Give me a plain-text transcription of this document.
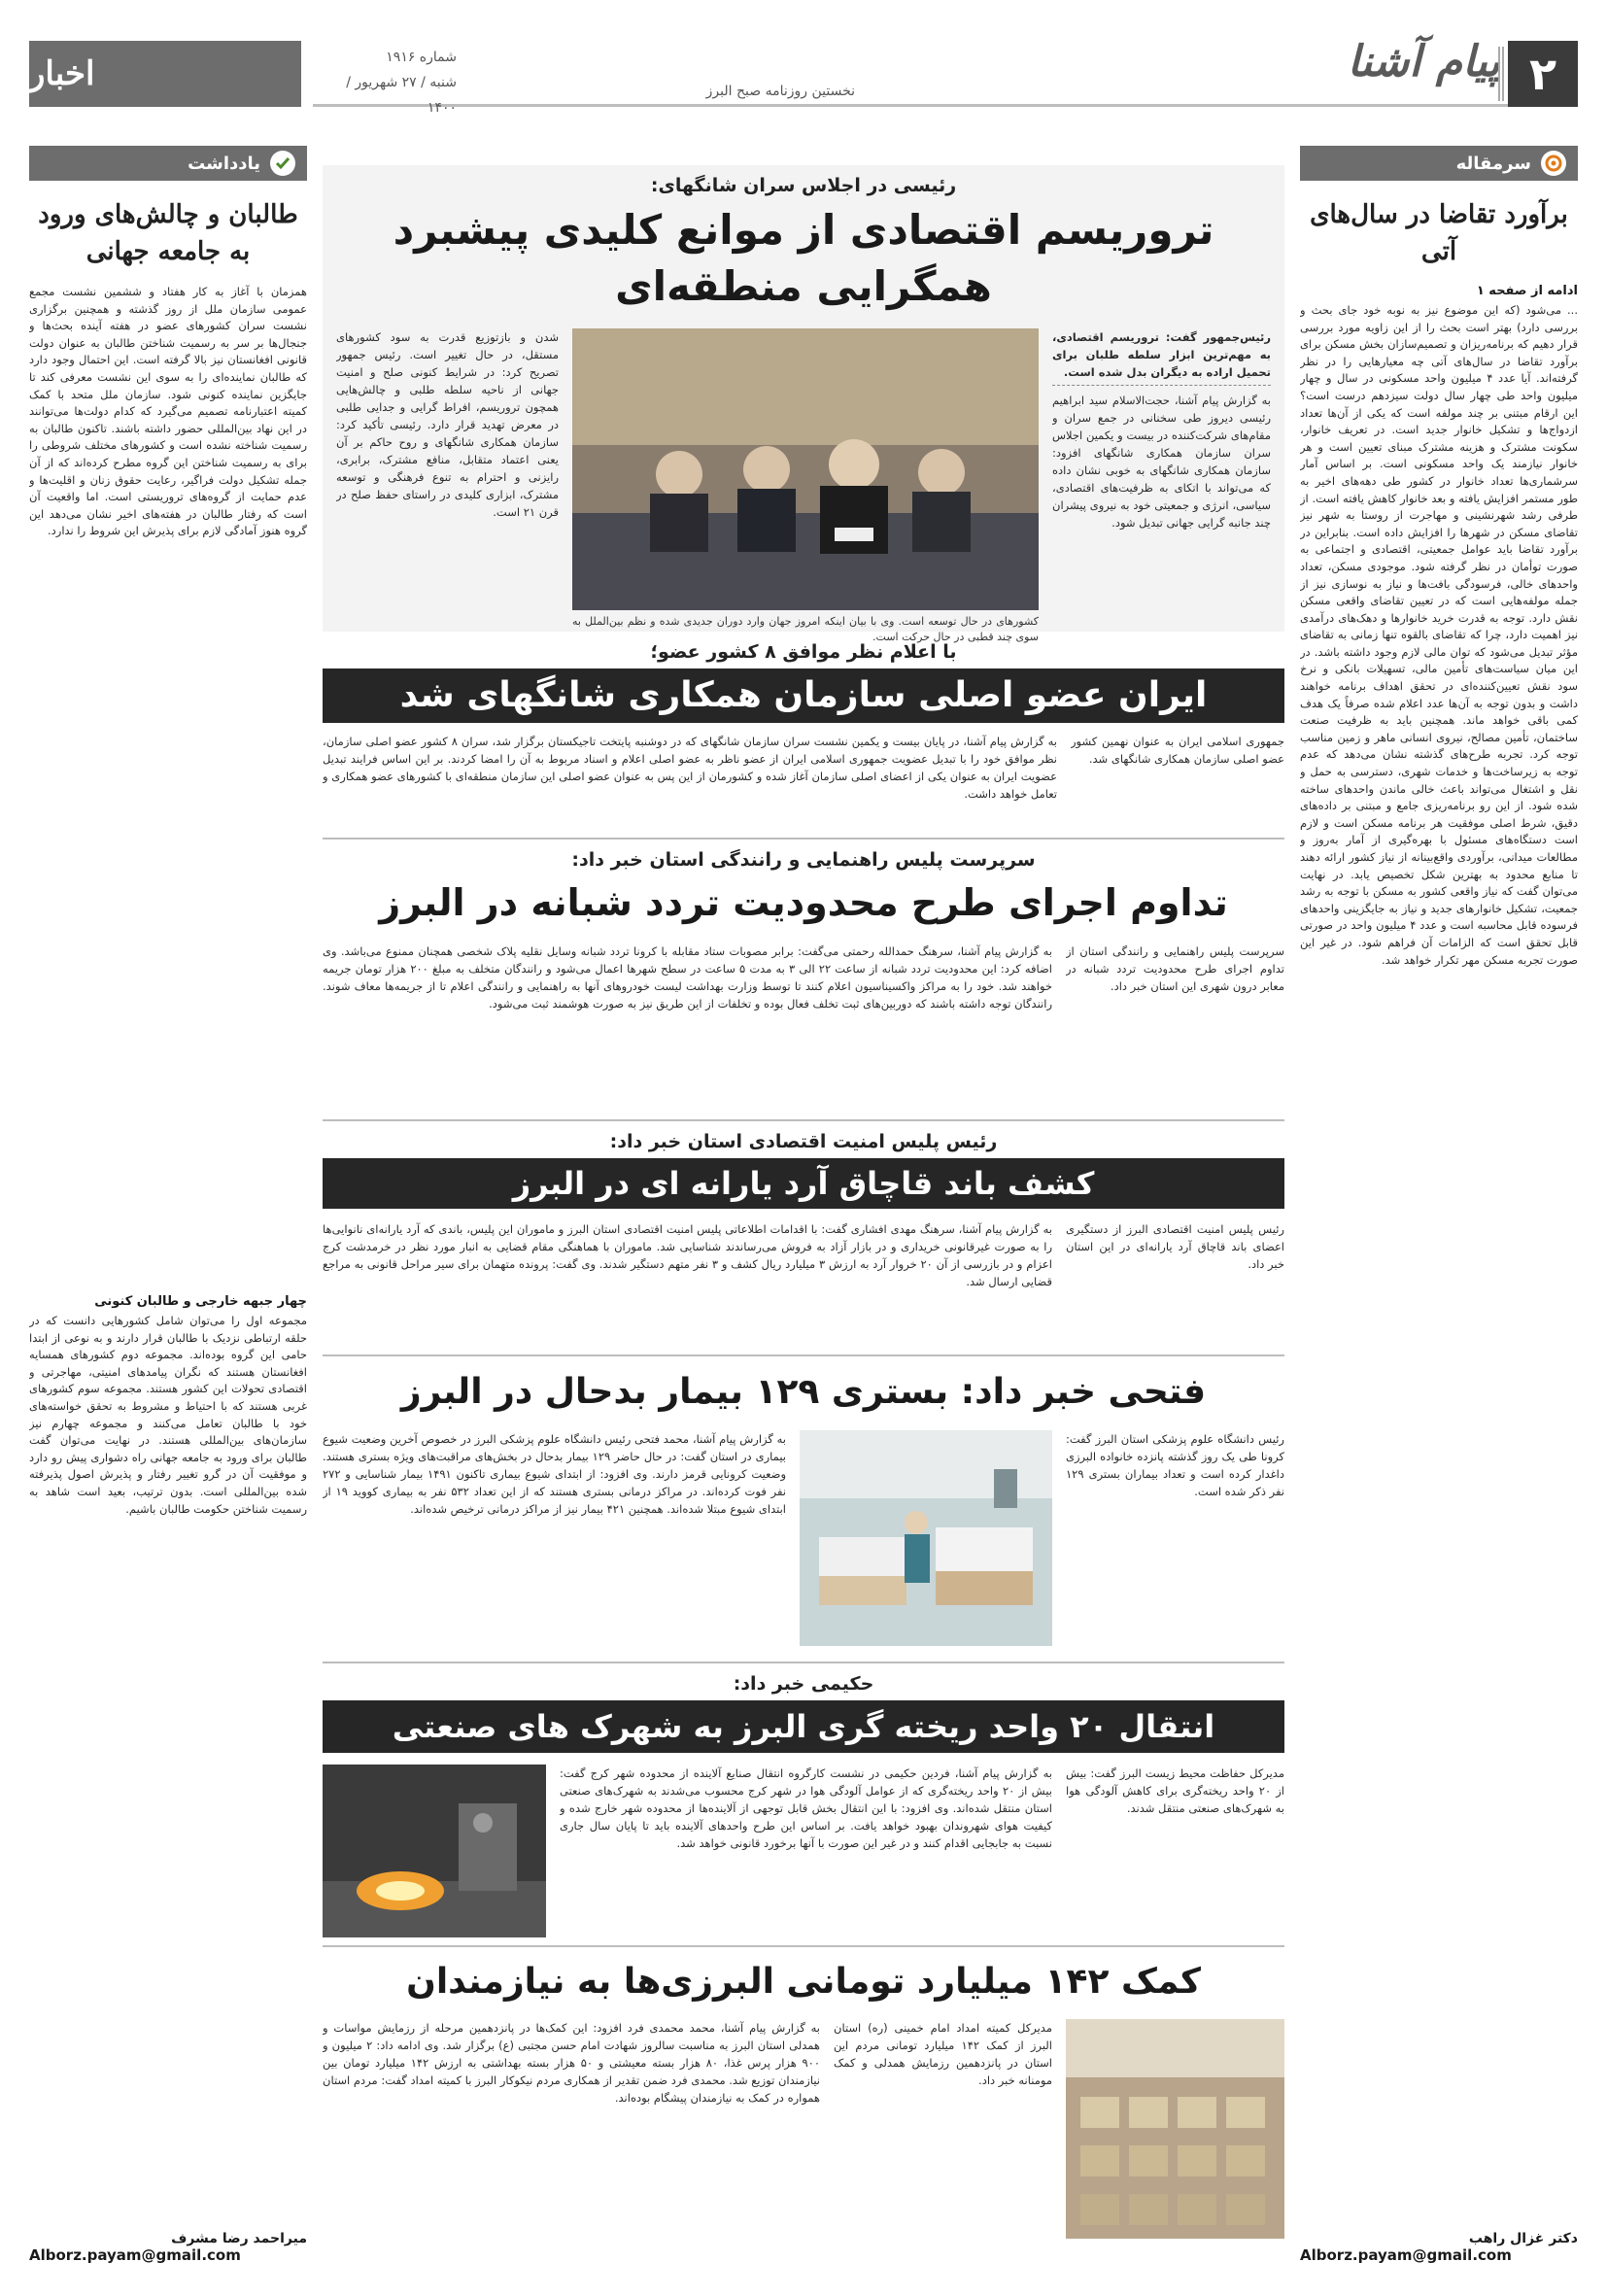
اخبار	شماره ۱۹۱۶
شنبه / ۲۷ شهریور / ۱۴۰۰
نخستین روزنامه صبح البرز
پیام آشنا ۲
سرمقاله
برآورد تقاضا در سال‌های آتی
ادامه از صفحه ۱
... می‌شود (که این موضوع نیز به نوبه خود جای بحث و بررسی دارد) بهتر است بحث را از این زاویه مورد بررسی قرار دهیم که برنامه‌ریزان و تصمیم‌سازان بخش مسکن برای برآورد تقاضا در سال‌های آتی چه معیارهایی را در نظر گرفته‌اند. آیا عدد ۴ میلیون واحد مسکونی در سال و چهار میلیون واحد طی چهار سال دولت سیزدهم درست است؟ این ارقام مبتنی بر چند مولفه است که یکی از آن‌ها تعداد ازدواج‌ها و تشکیل خانوار جدید است. در تعریف خانوار، سکونت مشترک و هزینه مشترک مبنای تعیین است و هر خانوار نیازمند یک واحد مسکونی است. بر اساس آمار سرشماری‌ها تعداد خانوار در کشور طی دهه‌های اخیر به طور مستمر افزایش یافته و بعد خانوار کاهش یافته است. از طرفی رشد شهرنشینی و مهاجرت از روستا به شهر نیز تقاضای مسکن در شهرها را افزایش داده است. بنابراین در برآورد تقاضا باید عوامل جمعیتی، اقتصادی و اجتماعی به صورت توأمان در نظر گرفته شود. موجودی مسکن، تعداد واحدهای خالی، فرسودگی بافت‌ها و نیاز به نوسازی نیز از جمله مولفه‌هایی است که در تعیین تقاضای واقعی مسکن نقش دارد. توجه به قدرت خرید خانوارها و دهک‌های درآمدی نیز اهمیت دارد، چرا که تقاضای بالقوه تنها زمانی به تقاضای مؤثر تبدیل می‌شود که توان مالی لازم وجود داشته باشد. در این میان سیاست‌های تأمین مالی، تسهیلات بانکی و نرخ سود نقش تعیین‌کننده‌ای در تحقق اهداف برنامه خواهند داشت و بدون توجه به آن‌ها عدد اعلام شده صرفاً یک هدف کمی باقی خواهد ماند. همچنین باید به ظرفیت صنعت ساختمان، تأمین مصالح، نیروی انسانی ماهر و زمین مناسب توجه کرد. تجربه طرح‌های گذشته نشان می‌دهد که عدم توجه به زیرساخت‌ها و خدمات شهری، دسترسی به حمل و نقل و اشتغال می‌تواند باعث خالی ماندن واحدهای ساخته شده شود. از این رو برنامه‌ریزی جامع و مبتنی بر داده‌های دقیق، شرط اصلی موفقیت هر برنامه مسکن است و لازم است دستگاه‌های مسئول با بهره‌گیری از آمار به‌روز و مطالعات میدانی، برآوردی واقع‌بینانه از نیاز کشور ارائه دهند تا منابع محدود به بهترین شکل تخصیص یابد. در نهایت می‌توان گفت که نیاز واقعی کشور به مسکن با توجه به رشد جمعیت، تشکیل خانوارهای جدید و نیاز به جایگزینی واحدهای فرسوده قابل محاسبه است و عدد ۴ میلیون واحد در صورتی قابل تحقق است که الزامات آن فراهم شود. در غیر این صورت تجربه مسکن مهر تکرار خواهد شد.
دکتر غزال راهب
Alborz.payam@gmail.com
یادداشت
طالبان و چالش‌های ورود به جامعه جهانی
همزمان با آغاز به کار هفتاد و ششمین نشست مجمع عمومی سازمان ملل از روز گذشته و همچنین برگزاری نشست سران کشورهای عضو در هفته آینده بحث‌ها و جنجال‌ها بر سر به رسمیت شناختن طالبان به عنوان دولت قانونی افغانستان نیز بالا گرفته است. این احتمال وجود دارد که طالبان نماینده‌ای را به سوی این نشست معرفی کند تا جایگزین نماینده کنونی شود. سازمان ملل متحد با کمک کمیته اعتبارنامه تصمیم می‌گیرد که کدام دولت‌ها می‌توانند در این نهاد بین‌المللی حضور داشته باشند. تاکنون طالبان به رسمیت شناخته نشده است و کشورهای مختلف شروطی را برای به رسمیت شناختن این گروه مطرح کرده‌اند که از آن جمله تشکیل دولت فراگیر، رعایت حقوق زنان و اقلیت‌ها و عدم حمایت از گروه‌های تروریستی است. اما واقعیت آن است که رفتار طالبان در هفته‌های اخیر نشان می‌دهد این گروه هنوز آمادگی لازم برای پذیرش این شروط را ندارد.
چهار جبهه خارجی و طالبان کنونی
مجموعه اول را می‌توان شامل کشورهایی دانست که در حلقه ارتباطی نزدیک با طالبان قرار دارند و به نوعی از ابتدا حامی این گروه بوده‌اند. مجموعه دوم کشورهای همسایه افغانستان هستند که نگران پیامدهای امنیتی، مهاجرتی و اقتصادی تحولات این کشور هستند. مجموعه سوم کشورهای غربی هستند که با احتیاط و مشروط به تحقق خواسته‌های خود با طالبان تعامل می‌کنند و مجموعه چهارم نیز سازمان‌های بین‌المللی هستند. در نهایت می‌توان گفت طالبان برای ورود به جامعه جهانی راه دشواری پیش رو دارد و موفقیت آن در گرو تغییر رفتار و پذیرش اصول پذیرفته شده بین‌المللی است. بدون ترتیب، بعید است شاهد به رسمیت شناختن حکومت طالبان باشیم.
میراحمد رضا مشرف
Alborz.payam@gmail.com
رئیسی در اجلاس سران شانگهای:
تروریسم اقتصادی از موانع کلیدی پیشبرد همگرایی منطقه‌ای
رئیس‌جمهور گفت: تروریسم اقتصادی، به مهم‌ترین ابزار سلطه طلبان برای تحمیل اراده به دیگران بدل شده است.
به گزارش پیام آشنا، حجت‌الاسلام سید ابراهیم رئیسی دیروز طی سخنانی در جمع سران و مقام‌های شرکت‌کننده در بیست و یکمین اجلاس سران سازمان همکاری شانگهای افزود: سازمان همکاری شانگهای به خوبی نشان داده که می‌تواند با اتکای به ظرفیت‌های اقتصادی، سیاسی، انرژی و جمعیتی خود به نیروی پیشران چند جانبه گرایی جهانی تبدیل شود.
کشورهای در حال توسعه است. وی با بیان اینکه امروز جهان وارد دوران جدیدی شده و نظم بین‌الملل به سوی چند قطبی در حال حرکت است.
شدن و بازتوزیع قدرت به سود کشورهای مستقل، در حال تغییر است. رئیس جمهور تصریح کرد: در شرایط کنونی صلح و امنیت جهانی از ناحیه سلطه طلبی و چالش‌هایی همچون تروریسم، افراط گرایی و جدایی طلبی در معرض تهدید قرار دارد. رئیسی تأکید کرد: سازمان همکاری شانگهای و روح حاکم بر آن یعنی اعتماد متقابل، منافع مشترک، برابری، رایزنی و احترام به تنوع فرهنگی و توسعه مشترک، ابزاری کلیدی در راستای حفظ صلح در قرن ۲۱ است.
با اعلام نظر موافق ۸ کشور عضو؛
ایران عضو اصلی سازمان همکاری شانگهای شد
جمهوری اسلامی ایران به عنوان نهمین کشور عضو اصلی سازمان همکاری شانگهای شد.
به گزارش پیام آشنا، در پایان بیست و یکمین نشست سران سازمان شانگهای که در دوشنبه پایتخت تاجیکستان برگزار شد، سران ۸ کشور عضو اصلی سازمان، نظر موافق خود را با تبدیل عضویت جمهوری اسلامی ایران از عضو ناظر به عضو اصلی اعلام و اسناد مربوط به آن را امضا کردند. بر این اساس فرایند تبدیل عضویت ایران به عنوان یکی از اعضای اصلی سازمان آغاز شده و کشورمان از این پس به عنوان عضو اصلی این سازمان منطقه‌ای با کشورهای عضو همکاری و تعامل خواهد داشت.
سرپرست پلیس راهنمایی و رانندگی استان خبر داد:
تداوم اجرای طرح محدودیت تردد شبانه در البرز
سرپرست پلیس راهنمایی و رانندگی استان از تداوم اجرای طرح محدودیت تردد شبانه در معابر درون شهری این استان خبر داد.
به گزارش پیام آشنا، سرهنگ حمدالله رحمتی می‌گفت: برابر مصوبات ستاد مقابله با کرونا تردد شبانه وسایل نقلیه پلاک شخصی همچنان ممنوع می‌باشد. وی اضافه کرد: این محدودیت تردد شبانه از ساعت ۲۲ الی ۳ به مدت ۵ ساعت در سطح شهرها اعمال می‌شود و رانندگان متخلف به مبلغ ۲۰۰ هزار تومان جریمه خواهند شد. خود را به مراکز واکسیناسیون اعلام کنند تا توسط وزارت بهداشت لیست خودروهای آنها به راهنمایی و رانندگی اعلام تا از جریمه‌ها معاف شوند. رانندگان توجه داشته باشند که دوربین‌های ثبت تخلف فعال بوده و تخلفات از این طریق نیز به صورت هوشمند ثبت می‌شود.
رئیس پلیس امنیت اقتصادی استان خبر داد:
کشف باند قاچاق آرد یارانه ای در البرز
رئیس پلیس امنیت اقتصادی البرز از دستگیری اعضای باند قاچاق آرد یارانه‌ای در این استان خبر داد.
به گزارش پیام آشنا، سرهنگ مهدی افشاری گفت: با اقدامات اطلاعاتی پلیس امنیت اقتصادی استان البرز و ماموران این پلیس، باندی که آرد یارانه‌ای نانوایی‌ها را به صورت غیرقانونی خریداری و در بازار آزاد به فروش می‌رساندند شناسایی شد. ماموران با هماهنگی مقام قضایی به انبار مورد نظر در خرمدشت کرج اعزام و در بازرسی از آن ۲۰ خروار آرد به ارزش ۳ میلیارد ریال کشف و ۳ نفر متهم دستگیر شدند. وی گفت: پرونده متهمان برای سیر مراحل قانونی به مراجع قضایی ارسال شد.
فتحی خبر داد: بستری ۱۲۹ بیمار بدحال در البرز
رئیس دانشگاه علوم پزشکی استان البرز گفت: کرونا طی یک روز گذشته پانزده خانواده البرزی داغدار کرده است و تعداد بیماران بستری ۱۲۹ نفر ذکر شده است.
به گزارش پیام آشنا، محمد فتحی رئیس دانشگاه علوم پزشکی البرز در خصوص آخرین وضعیت شیوع بیماری در استان گفت: در حال حاضر ۱۲۹ بیمار بدحال در بخش‌های مراقبت‌های ویژه بستری هستند. وضعیت کرونایی قرمز دارند. وی افزود: از ابتدای شیوع بیماری تاکنون ۱۴۹۱ بیمار شناسایی و ۲۷۲ نفر فوت کرده‌اند. در مراکز درمانی بستری هستند که از این تعداد ۵۳۲ نفر به بیماری کووید ۱۹ از ابتدای شیوع مبتلا شده‌اند. همچنین ۴۲۱ بیمار نیز از مراکز درمانی ترخیص شده‌اند.
حکیمی خبر داد:
انتقال ۲۰ واحد ریخته گری البرز به شهرک های صنعتی
مدیرکل حفاظت محیط زیست البرز گفت: بیش از ۲۰ واحد ریخته‌گری برای کاهش آلودگی هوا به شهرک‌های صنعتی منتقل شدند.
به گزارش پیام آشنا، فردین حکیمی در نشست کارگروه انتقال صنایع آلاینده از محدوده شهر کرج گفت: بیش از ۲۰ واحد ریخته‌گری که از عوامل آلودگی هوا در شهر کرج محسوب می‌شدند به شهرک‌های صنعتی استان منتقل شده‌اند. وی افزود: با این انتقال بخش قابل توجهی از آلاینده‌ها از محدوده شهر خارج شده و کیفیت هوای شهروندان بهبود خواهد یافت. بر اساس این طرح واحدهای آلاینده باید تا پایان سال جاری نسبت به جابجایی اقدام کنند و در غیر این صورت با آنها برخورد قانونی خواهد شد.
کمک ۱۴۲ میلیارد تومانی البرزی‌ها به نیازمندان
مدیرکل کمیته امداد امام خمینی (ره) استان البرز از کمک ۱۴۲ میلیارد تومانی مردم این استان در پانزدهمین رزمایش همدلی و کمک مومنانه خبر داد.
به گزارش پیام آشنا، محمد محمدی فرد افزود: این کمک‌ها در پانزدهمین مرحله از رزمایش مواسات و همدلی استان البرز به مناسبت سالروز شهادت امام حسن مجتبی (ع) برگزار شد. وی ادامه داد: ۲ میلیون و ۹۰۰ هزار پرس غذا، ۸۰ هزار بسته معیشتی و ۵۰ هزار بسته بهداشتی به ارزش ۱۴۲ میلیارد تومان بین نیازمندان توزیع شد. محمدی فرد ضمن تقدیر از همکاری مردم نیکوکار البرز با کمیته امداد گفت: مردم استان همواره در کمک به نیازمندان پیشگام بوده‌اند.
